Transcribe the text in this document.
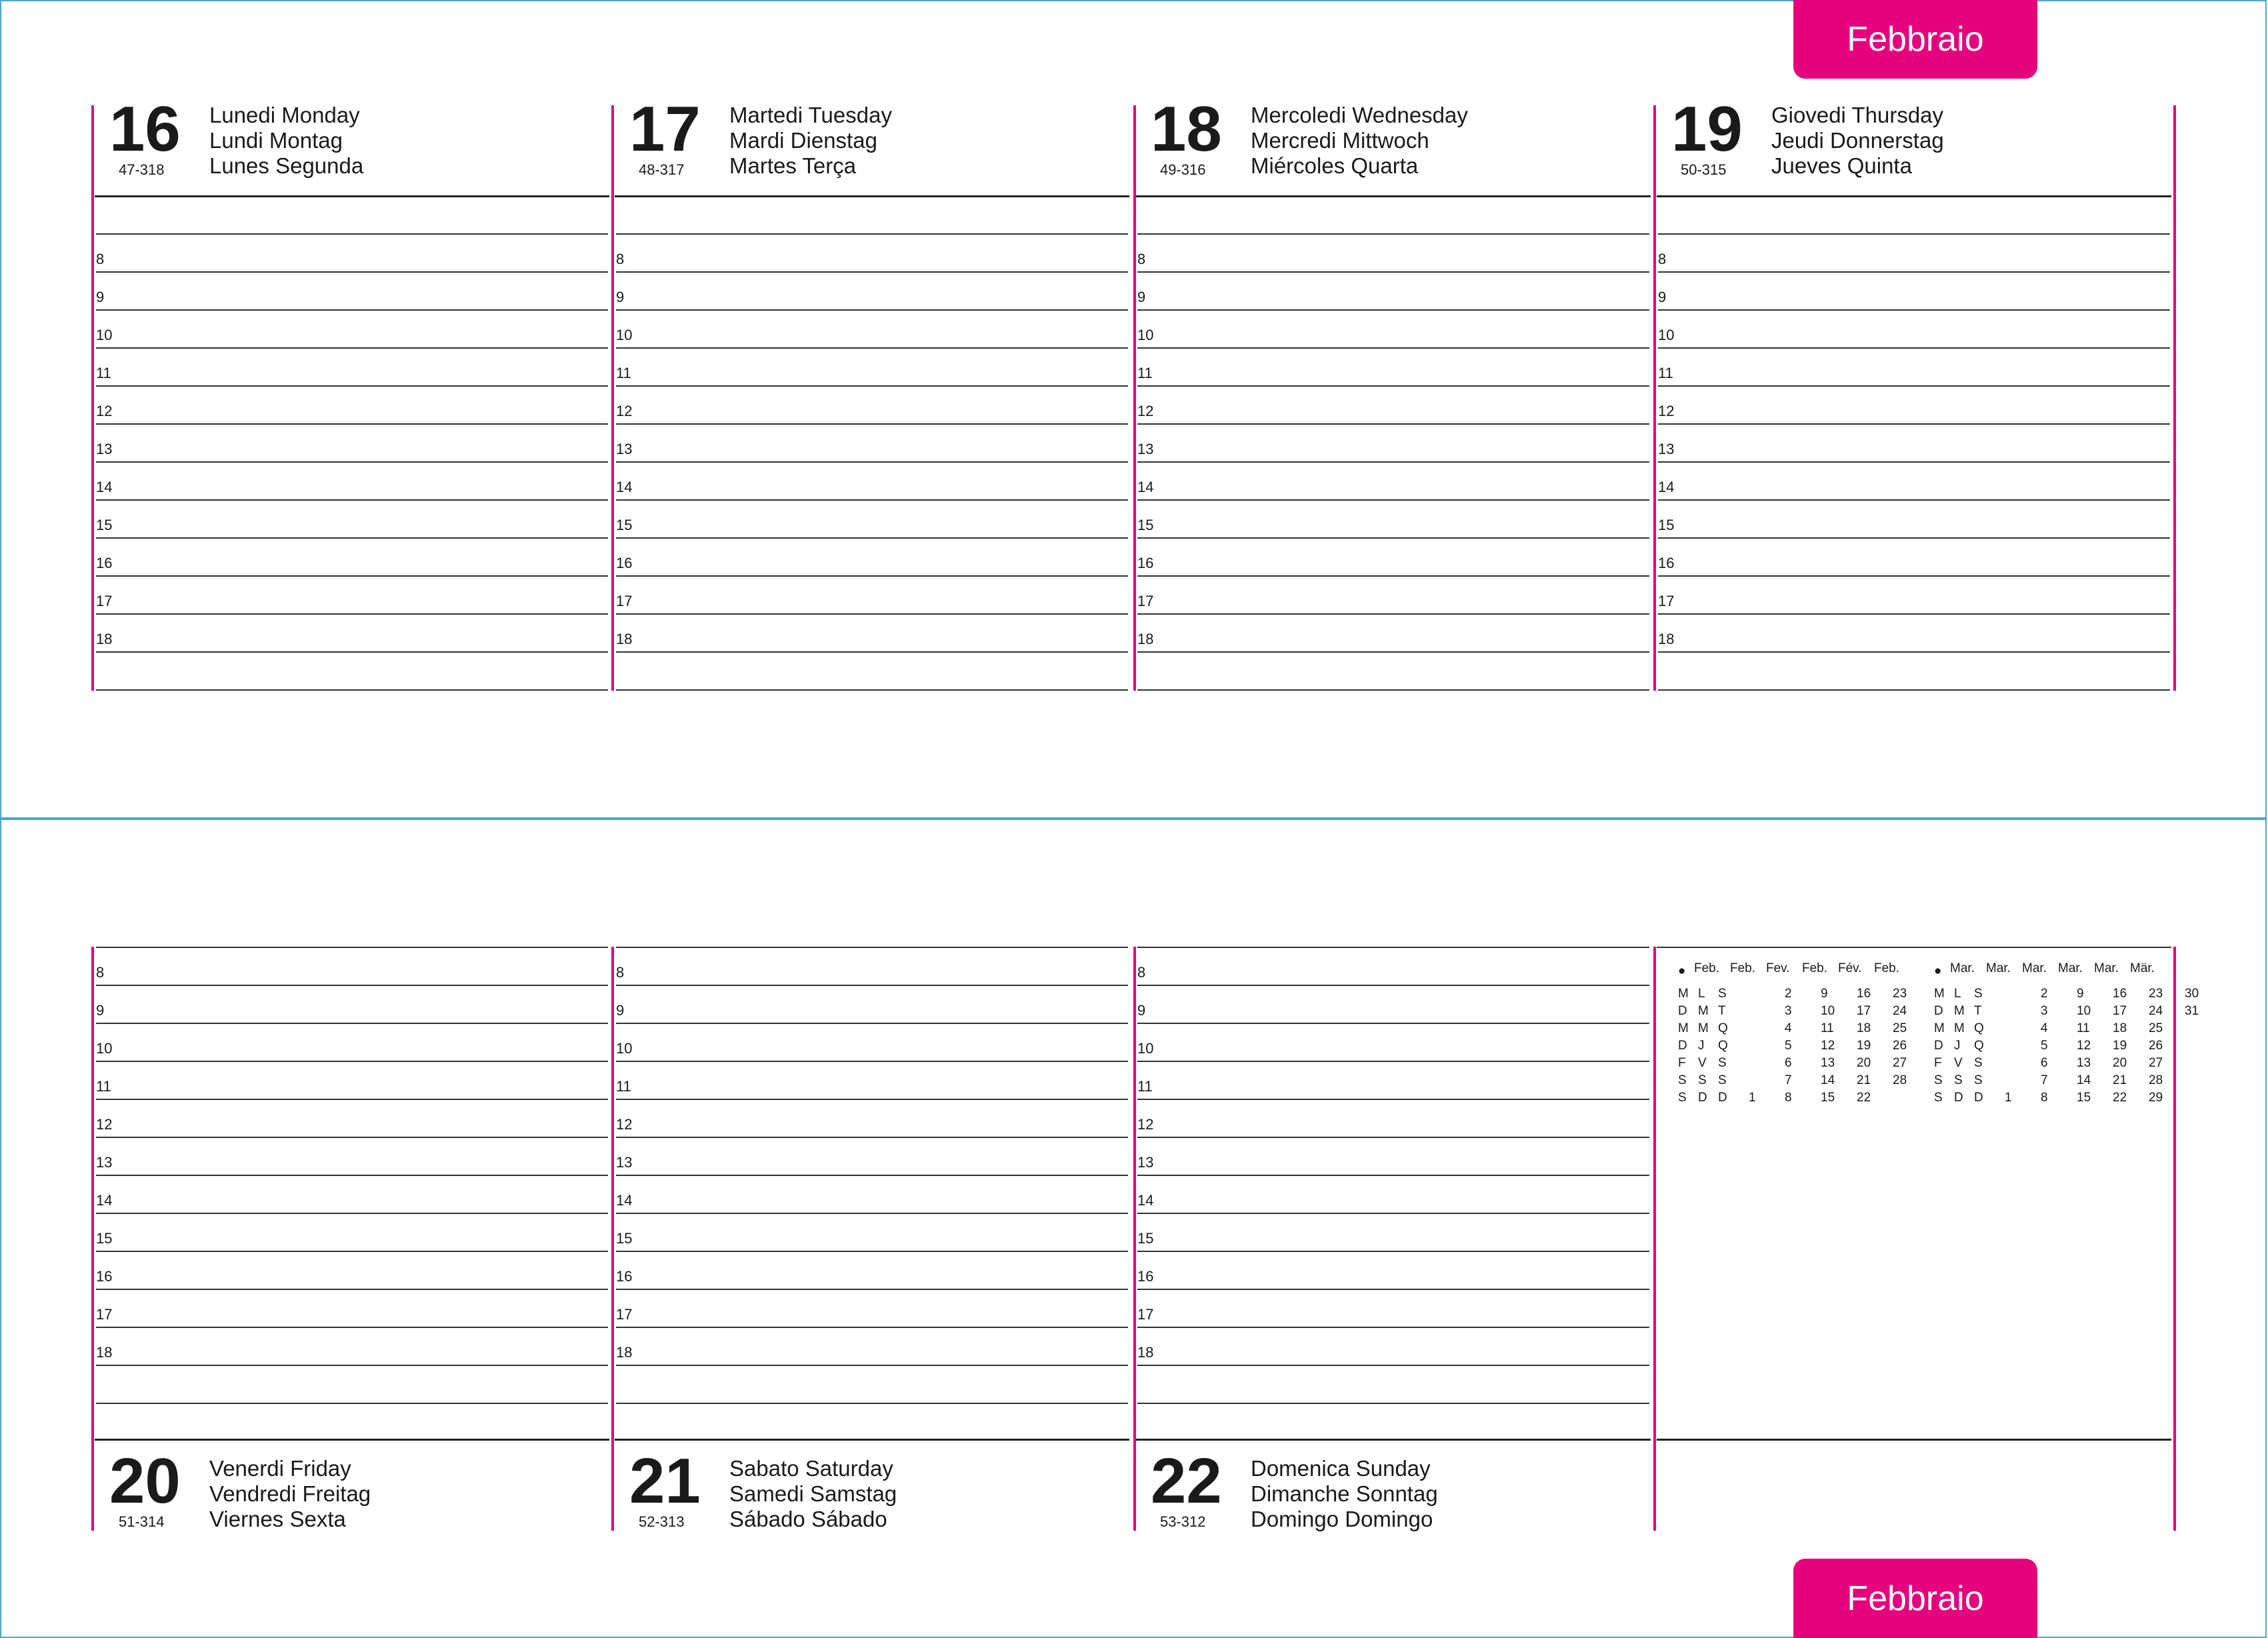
Febbraio
Febbraio
16
47-318
Lunedi Monday
Lundi Montag
Lunes Segunda
8
9
10
11
12
13
14
15
16
17
18
17
48-317
Martedi Tuesday
Mardi Dienstag
Martes Terça
8
9
10
11
12
13
14
15
16
17
18
18
49-316
Mercoledi Wednesday
Mercredi Mittwoch
Miércoles Quarta
8
9
10
11
12
13
14
15
16
17
18
19
50-315
Giovedi Thursday
Jeudi Donnerstag
Jueves Quinta
8
9
10
11
12
13
14
15
16
17
18
8
9
10
11
12
13
14
15
16
17
18
20
51-314
Venerdi Friday
Vendredi Freitag
Viernes Sexta
8
9
10
11
12
13
14
15
16
17
18
21
52-313
Sabato Saturday
Samedi Samstag
Sábado Sábado
8
9
10
11
12
13
14
15
16
17
18
22
53-312
Domenica Sunday
Dimanche Sonntag
Domingo Domingo
● Feb. Feb. Fev. Feb. Fév. Feb.
M L S	2 9 16 23
D M T	3 10 17 24
M M Q	4 11 18 25
D J Q	5 12 19 26
F V S	6 13 20 27
S S S	7 14 21 28
S D D 1 8 15 22
● Mar. Mar. Mar. Mar. Mar. Mär.
M L S	2 9 16 23 30
D M T	3 10 17 24 31
M M Q	4 11 18 25
D J Q	5 12 19 26
F V S	6 13 20 27
S S S	7 14 21 28
S D D 1 8 15 22 29
